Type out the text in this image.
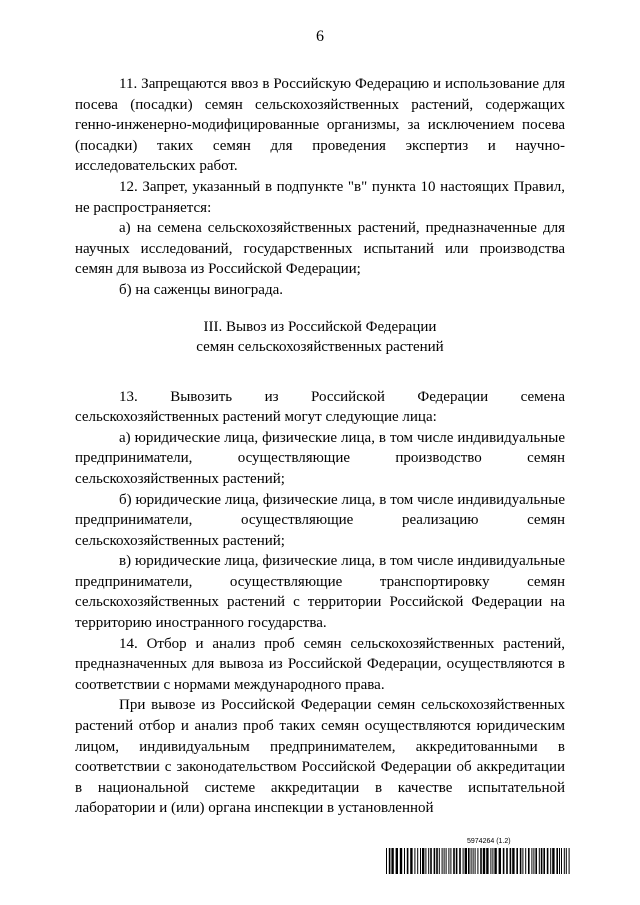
6

11. Запрещаются ввоз в Российскую Федерацию и использование для посева (посадки) семян сельскохозяйственных растений, содержащих генно-инженерно-модифицированные организмы, за исключением посева (посадки) таких семян для проведения экспертиз и научно-исследовательских работ.

12. Запрет, указанный в подпункте "в" пункта 10 настоящих Правил, не распространяется:

а) на семена сельскохозяйственных растений, предназначенные для научных исследований, государственных испытаний или производства семян для вывоза из Российской Федерации;

б) на саженцы винограда.

III. Вывоз из Российской Федерации
семян сельскохозяйственных растений

13. Вывозить из Российской Федерации семена сельскохозяйственных растений могут следующие лица:

а) юридические лица, физические лица, в том числе индивидуальные предприниматели, осуществляющие производство семян сельскохозяйственных растений;

б) юридические лица, физические лица, в том числе индивидуальные предприниматели, осуществляющие реализацию семян сельскохозяйственных растений;

в) юридические лица, физические лица, в том числе индивидуальные предприниматели, осуществляющие транспортировку семян сельскохозяйственных растений с территории Российской Федерации на территорию иностранного государства.

14. Отбор и анализ проб семян сельскохозяйственных растений, предназначенных для вывоза из Российской Федерации, осуществляются в соответствии с нормами международного права.

При вывозе из Российской Федерации семян сельскохозяйственных растений отбор и анализ проб таких семян осуществляются юридическим лицом, индивидуальным предпринимателем, аккредитованными в соответствии с законодательством Российской Федерации об аккредитации в национальной системе аккредитации в качестве испытательной лаборатории и (или) органа инспекции в установленной

5974264 (1.2)
